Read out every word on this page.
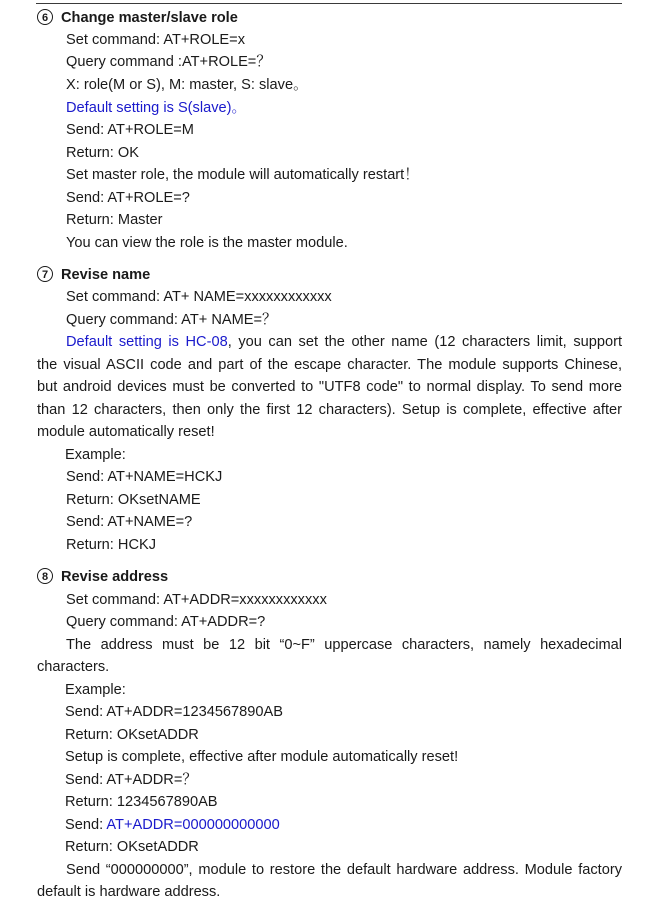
6 Change master/slave role
Set command: AT+ROLE=x
Query command :AT+ROLE=？
X: role(M or S), M: master, S: slave。
Default setting is S(slave)。
Send: AT+ROLE=M
Return: OK
Set master role, the module will automatically restart！
Send: AT+ROLE=?
Return: Master
You can view the role is the master module.
7 Revise name
Set command: AT+ NAME=xxxxxxxxxxxx
Query command: AT+ NAME=？
Default setting is HC-08, you can set the other name (12 characters limit, support
the visual ASCII code and part of the escape character. The module supports Chinese,
but android devices must be converted to "UTF8 code" to normal display. To send more
than 12 characters, then only the first 12 characters). Setup is complete, effective after
module automatically reset!
Example:
Send: AT+NAME=HCKJ
Return: OKsetNAME
Send: AT+NAME=?
Return: HCKJ
8 Revise address
Set command: AT+ADDR=xxxxxxxxxxxx
Query command: AT+ADDR=?
The address must be 12 bit “0~F” uppercase characters, namely hexadecimal
characters.
Example:
Send: AT+ADDR=1234567890AB
Return: OKsetADDR
Setup is complete, effective after module automatically reset!
Send: AT+ADDR=？
Return: 1234567890AB
Send: AT+ADDR=000000000000
Return: OKsetADDR
Send “000000000”, module to restore the default hardware address. Module factory
default is hardware address.
